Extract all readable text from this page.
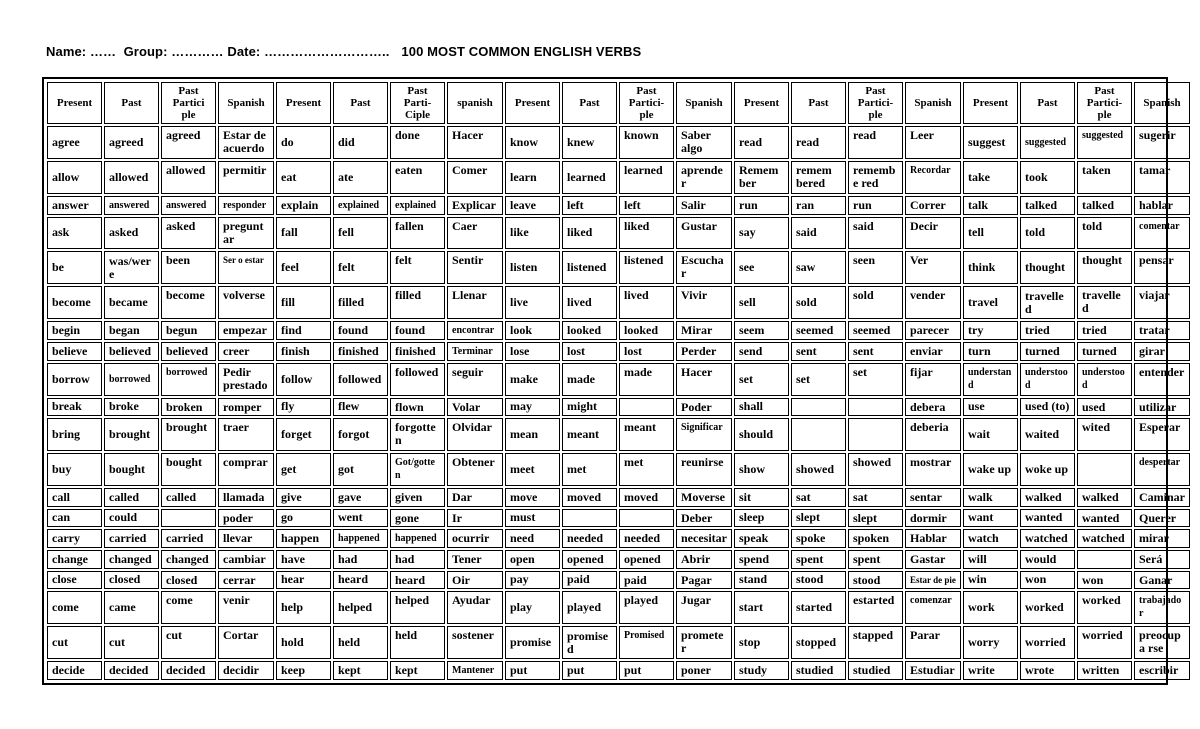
Name: …… Group: ………… Date: ……………………….. 100 MOST COMMON ENGLISH VERBS
Present	Past	Past Partici ple	Spanish	Present	Past	Past Parti- Ciple	spanish	Present	Past	Past Partici- ple	Spanish	Present	Past	Past Partici- ple	Spanish	Present	Past	Past Partici- ple	Spanish
agree	agreed	agreed	Estar de acuerdo	do	did	done	Hacer	know	knew	known	Saber algo	read	read	read	Leer	suggest	suggested	suggested	sugerir
allow	allowed	allowed	permitir	eat	ate	eaten	Comer	learn	learned	learned	aprender	Remem ber	remem bered	remembe red	Recordar	take	took	taken	tamar
answer	answered	answered	responder	explain	explained	explained	Explicar	leave	left	left	Salir	run	ran	run	Correr	talk	talked	talked	hablar
ask	asked	asked	preguntar	fall	fell	fallen	Caer	like	liked	liked	Gustar	say	said	said	Decir	tell	told	told	comentar
be	was/were	been	Ser o estar	feel	felt	felt	Sentir	listen	listened	listened	Escuchar	see	saw	seen	Ver	think	thought	thought	pensar
become	became	become	volverse	fill	filled	filled	Llenar	live	lived	lived	Vivir	sell	sold	sold	vender	travel	travelled	travelled	viajar
begin	began	begun	empezar	find	found	found	encontrar	look	looked	looked	Mirar	seem	seemed	seemed	parecer	try	tried	tried	tratar
believe	believed	believed	creer	finish	finished	finished	Terminar	lose	lost	lost	Perder	send	sent	sent	enviar	turn	turned	turned	girar
borrow	borrowed	borrowed	Pedir prestado	follow	followed	followed	seguir	make	made	made	Hacer	set	set	set	fijar	understand	understood	understood	entender
break	broke	broken	romper	fly	flew	flown	Volar	may	might		Poder	shall			debera	use	used (to)	used	utilizar
bring	brought	brought	traer	forget	forgot	forgotten	Olvidar	mean	meant	meant	Significar	should			deberia	wait	waited	wited	Esperar
buy	bought	bought	comprar	get	got	Got/gotten	Obtener	meet	met	met	reunirse	show	showed	showed	mostrar	wake up	woke up		despertar
call	called	called	llamada	give	gave	given	Dar	move	moved	moved	Moverse	sit	sat	sat	sentar	walk	walked	walked	Caminar
can	could		poder	go	went	gone	Ir	must			Deber	sleep	slept	slept	dormir	want	wanted	wanted	Querer
carry	carried	carried	llevar	happen	happened	happened	ocurrir	need	needed	needed	necesitar	speak	spoke	spoken	Hablar	watch	watched	watched	mirar
change	changed	changed	cambiar	have	had	had	Tener	open	opened	opened	Abrir	spend	spent	spent	Gastar	will	would		Será
close	closed	closed	cerrar	hear	heard	heard	Oir	pay	paid	paid	Pagar	stand	stood	stood	Estar de pie	win	won	won	Ganar
come	came	come	venir	help	helped	helped	Ayudar	play	played	played	Jugar	start	started	estarted	comenzar	work	worked	worked	trabajador
cut	cut	cut	Cortar	hold	held	held	sostener	promise	promised	Promised	prometer	stop	stopped	stapped	Parar	worry	worried	worried	preocupa rse
decide	decided	decided	decidir	keep	kept	kept	Mantener	put	put	put	poner	study	studied	studied	Estudiar	write	wrote	written	escribir
